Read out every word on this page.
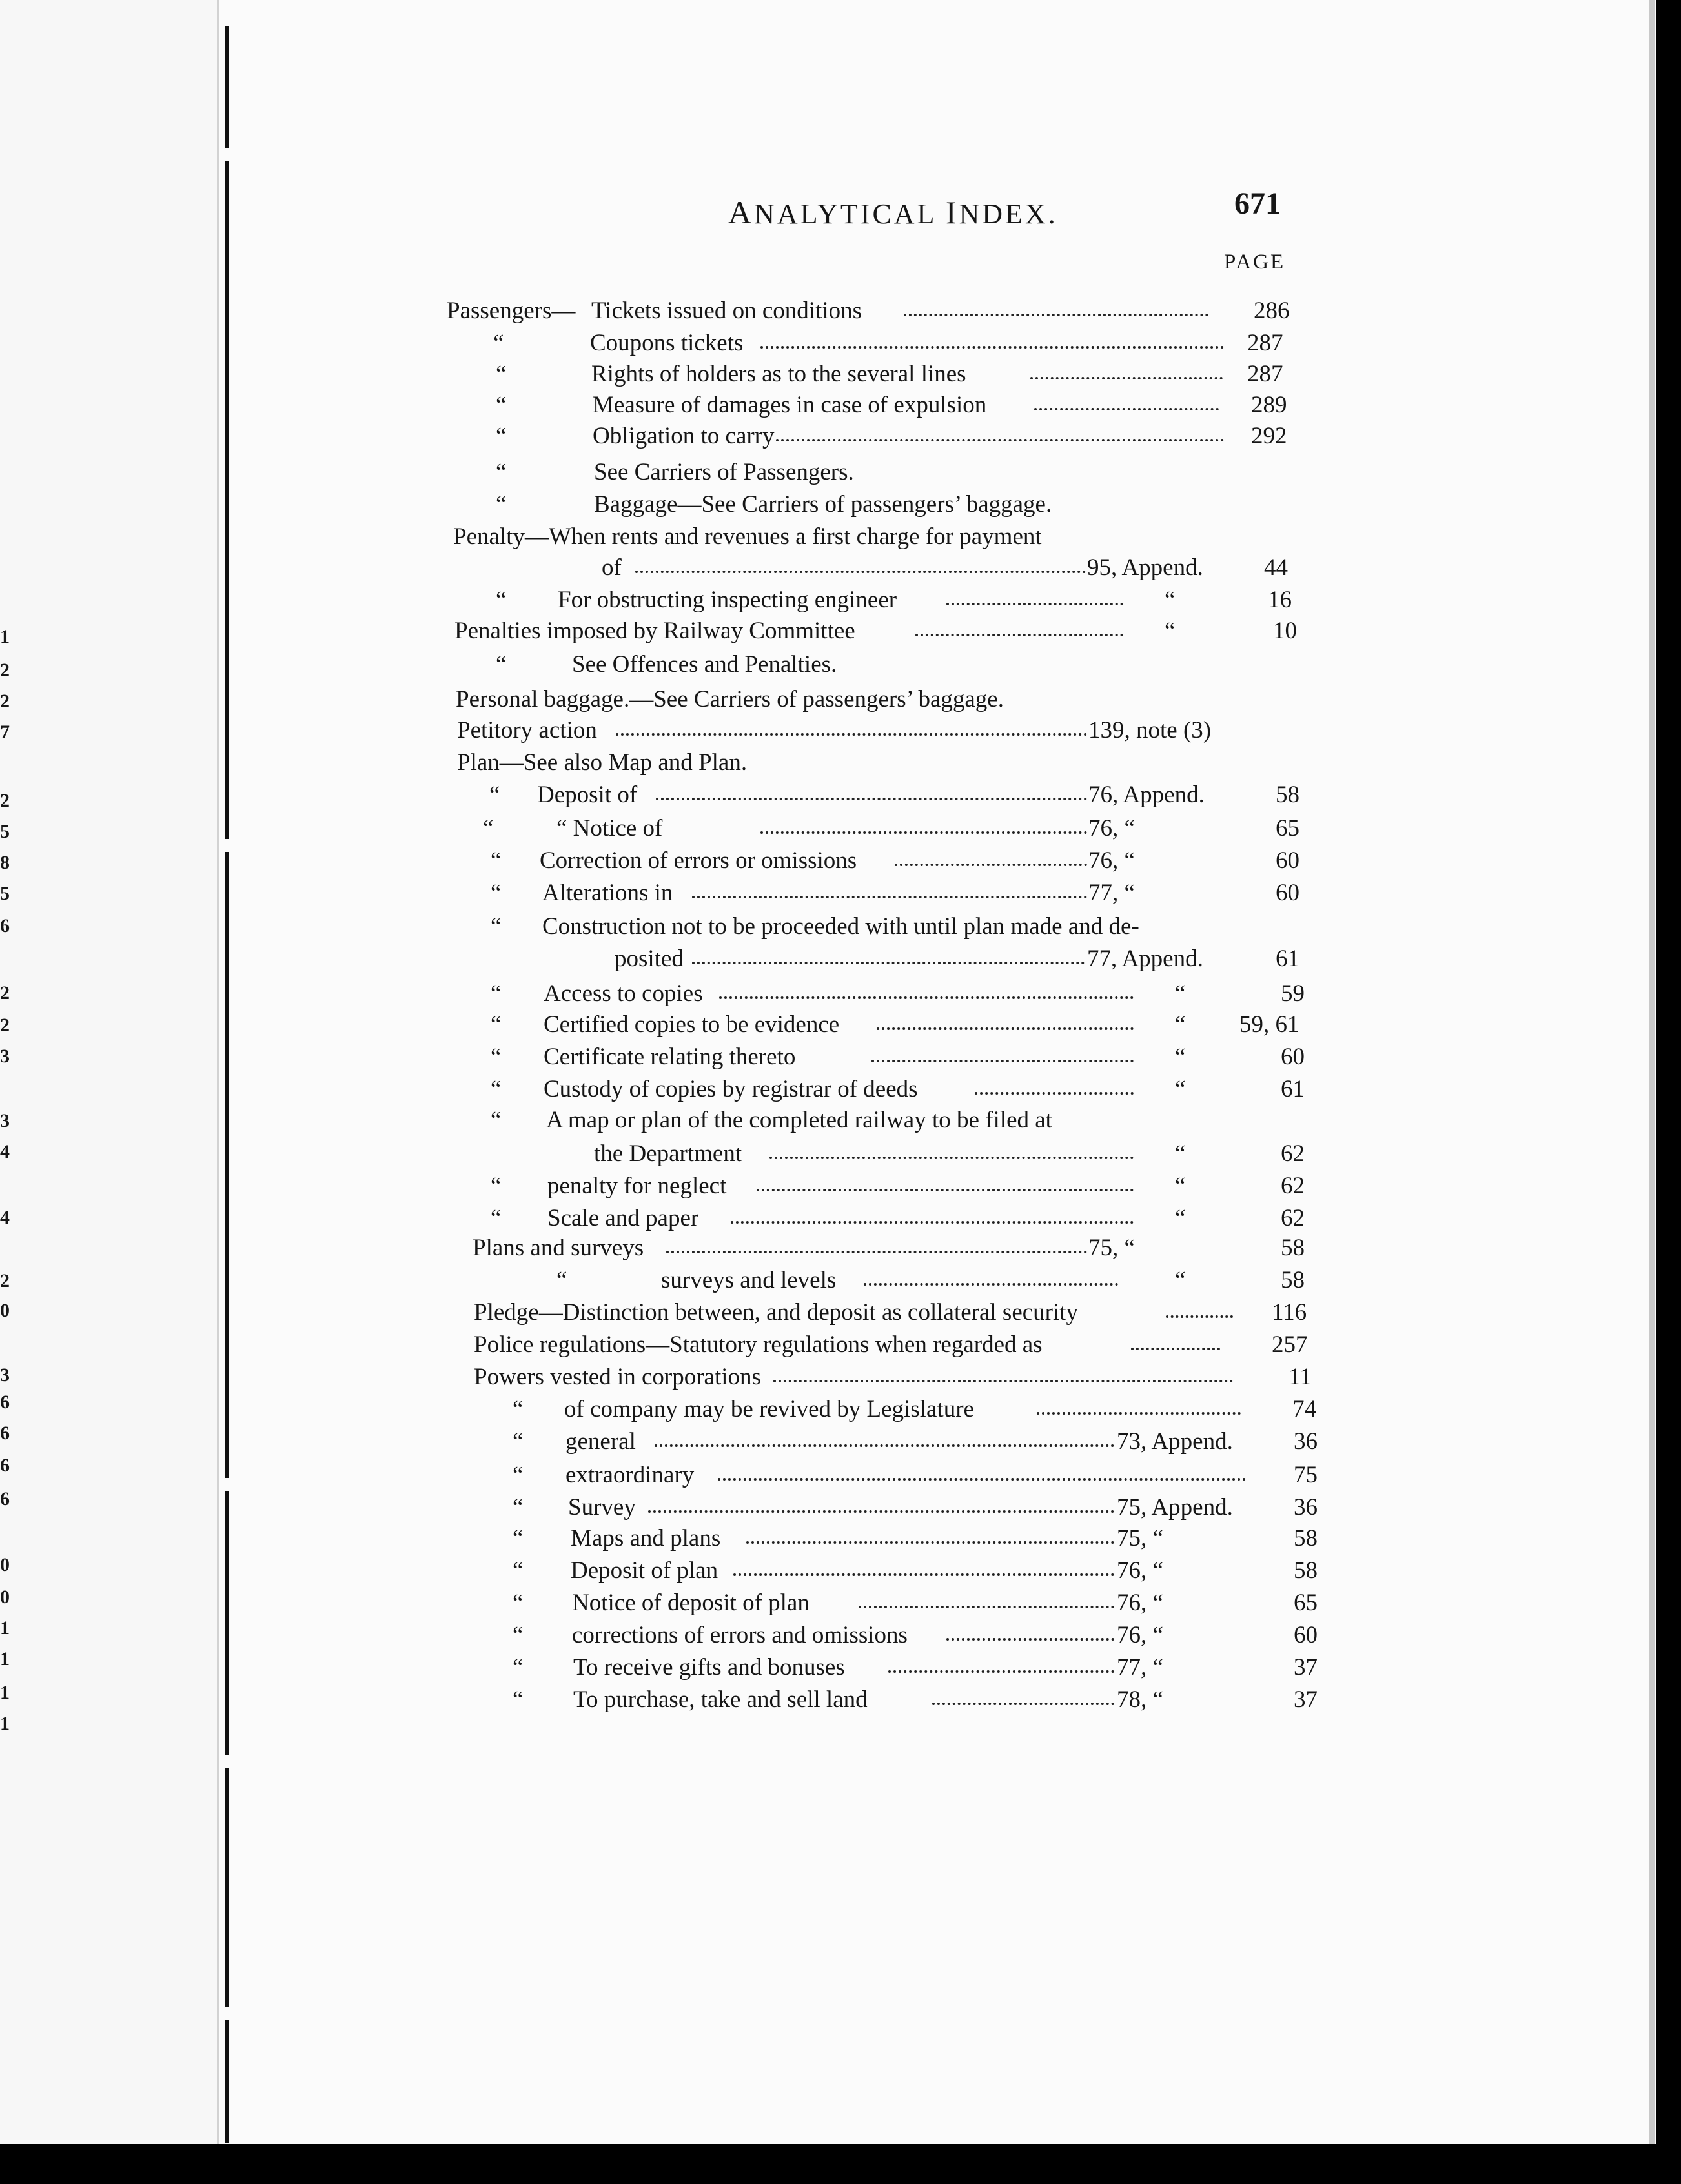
ANALYTICAL INDEX.	671
PAGE
1
2
2
7
2
5
8
5
6
2
2
3
3
4
4
2
0
3
6
6
6
6
0
0
1
1
1
1
Passengers— Tickets issued on conditions	286
“	Coupons tickets	287
“	Rights of holders as to the several lines	287
“	Measure of damages in case of expulsion	289
“	Obligation to carry	292
“	See Carriers of Passengers.
“	Baggage—See Carriers of passengers’ baggage.
Penalty—When rents and revenues a first charge for payment
of	95, Append.	44
“ For obstructing inspecting engineer	“	16
Penalties imposed by Railway Committee	“	10
“	See Offences and Penalties.
Personal baggage.—See Carriers of passengers’ baggage.
Petitory action	139, note (3)
Plan—See also Map and Plan.
“ Deposit of	76, Append.	58
“	“ Notice of	76, “	65
“ Correction of errors or omissions	76, “	60
“ Alterations in	77, “	60
“ Construction not to be proceeded with until plan made and de-
posited	77, Append.	61
“ Access to copies	“	59
“ Certified copies to be evidence	“ 59, 61
“ Certificate relating thereto	“	60
“ Custody of copies by registrar of deeds	“	61
“ A map or plan of the completed railway to be filed at
the Department	“	62
“ penalty for neglect	“	62
“ Scale and paper	“	62
Plans and surveys	75, “	58
“	surveys and levels	“	58
Pledge—Distinction between, and deposit as collateral security	116
Police regulations—Statutory regulations when regarded as	257
Powers vested in corporations	11
“ of company may be revived by Legislature	74
“ general	73, Append.	36
“ extraordinary	75
“ Survey	75, Append.	36
“ Maps and plans	75, “	58
“ Deposit of plan	76, “	58
“ Notice of deposit of plan	76, “	65
“ corrections of errors and omissions	76, “	60
“ To receive gifts and bonuses	77, “	37
“ To purchase, take and sell land	78, “	37
